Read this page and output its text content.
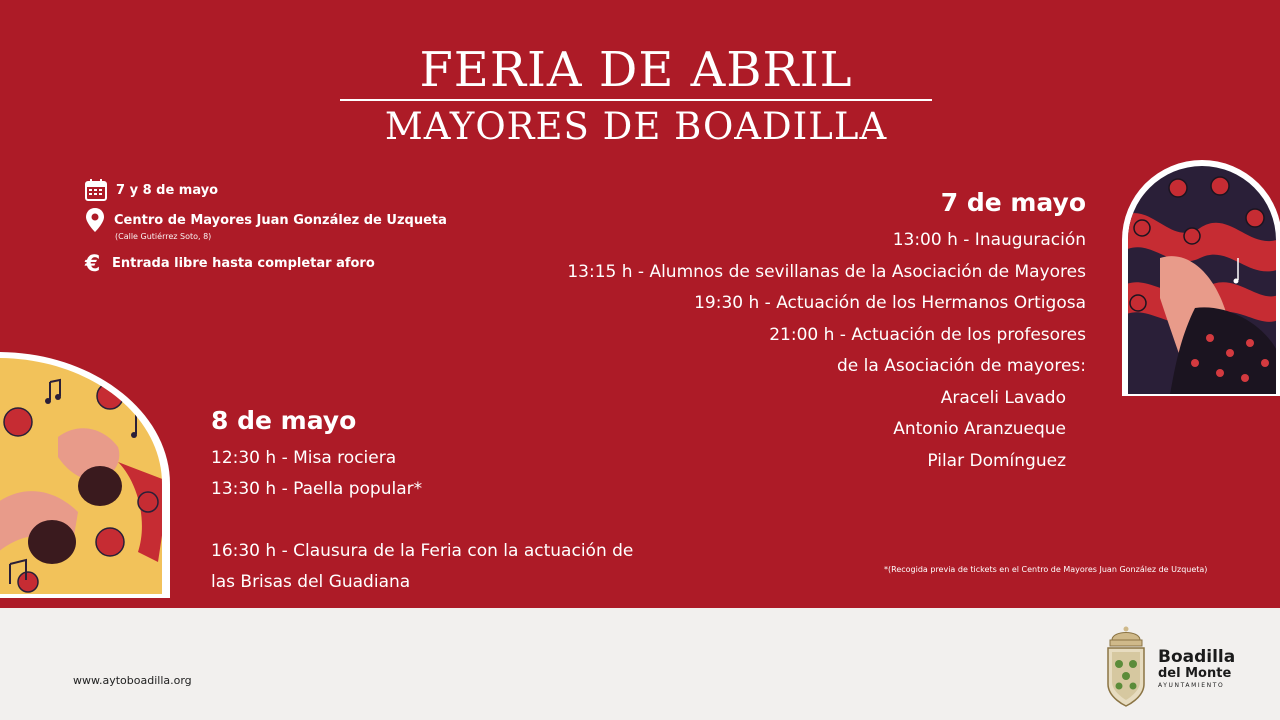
FERIA DE ABRIL
MAYORES DE BOADILLA
7 y 8 de mayo
Centro de Mayores Juan González de Uzqueta
(Calle Gutiérrez Soto, 8)
€ Entrada libre hasta completar aforo
7 de mayo
13:00 h - Inauguración
13:15 h - Alumnos de sevillanas de la Asociación de Mayores
19:30 h - Actuación de los Hermanos Ortigosa
21:00 h - Actuación de los profesores
de la Asociación de mayores:
Araceli Lavado
Antonio Aranzueque
Pilar Domínguez
8 de mayo
12:30 h - Misa rociera
13:30 h - Paella popular*
16:30 h - Clausura de la Feria con la actuación de
las Brisas del Guadiana
*(Recogida previa de tickets en el Centro de Mayores Juan González de Uzqueta)
www.aytoboadilla.org
Boadilla
del Monte
AYUNTAMIENTO
